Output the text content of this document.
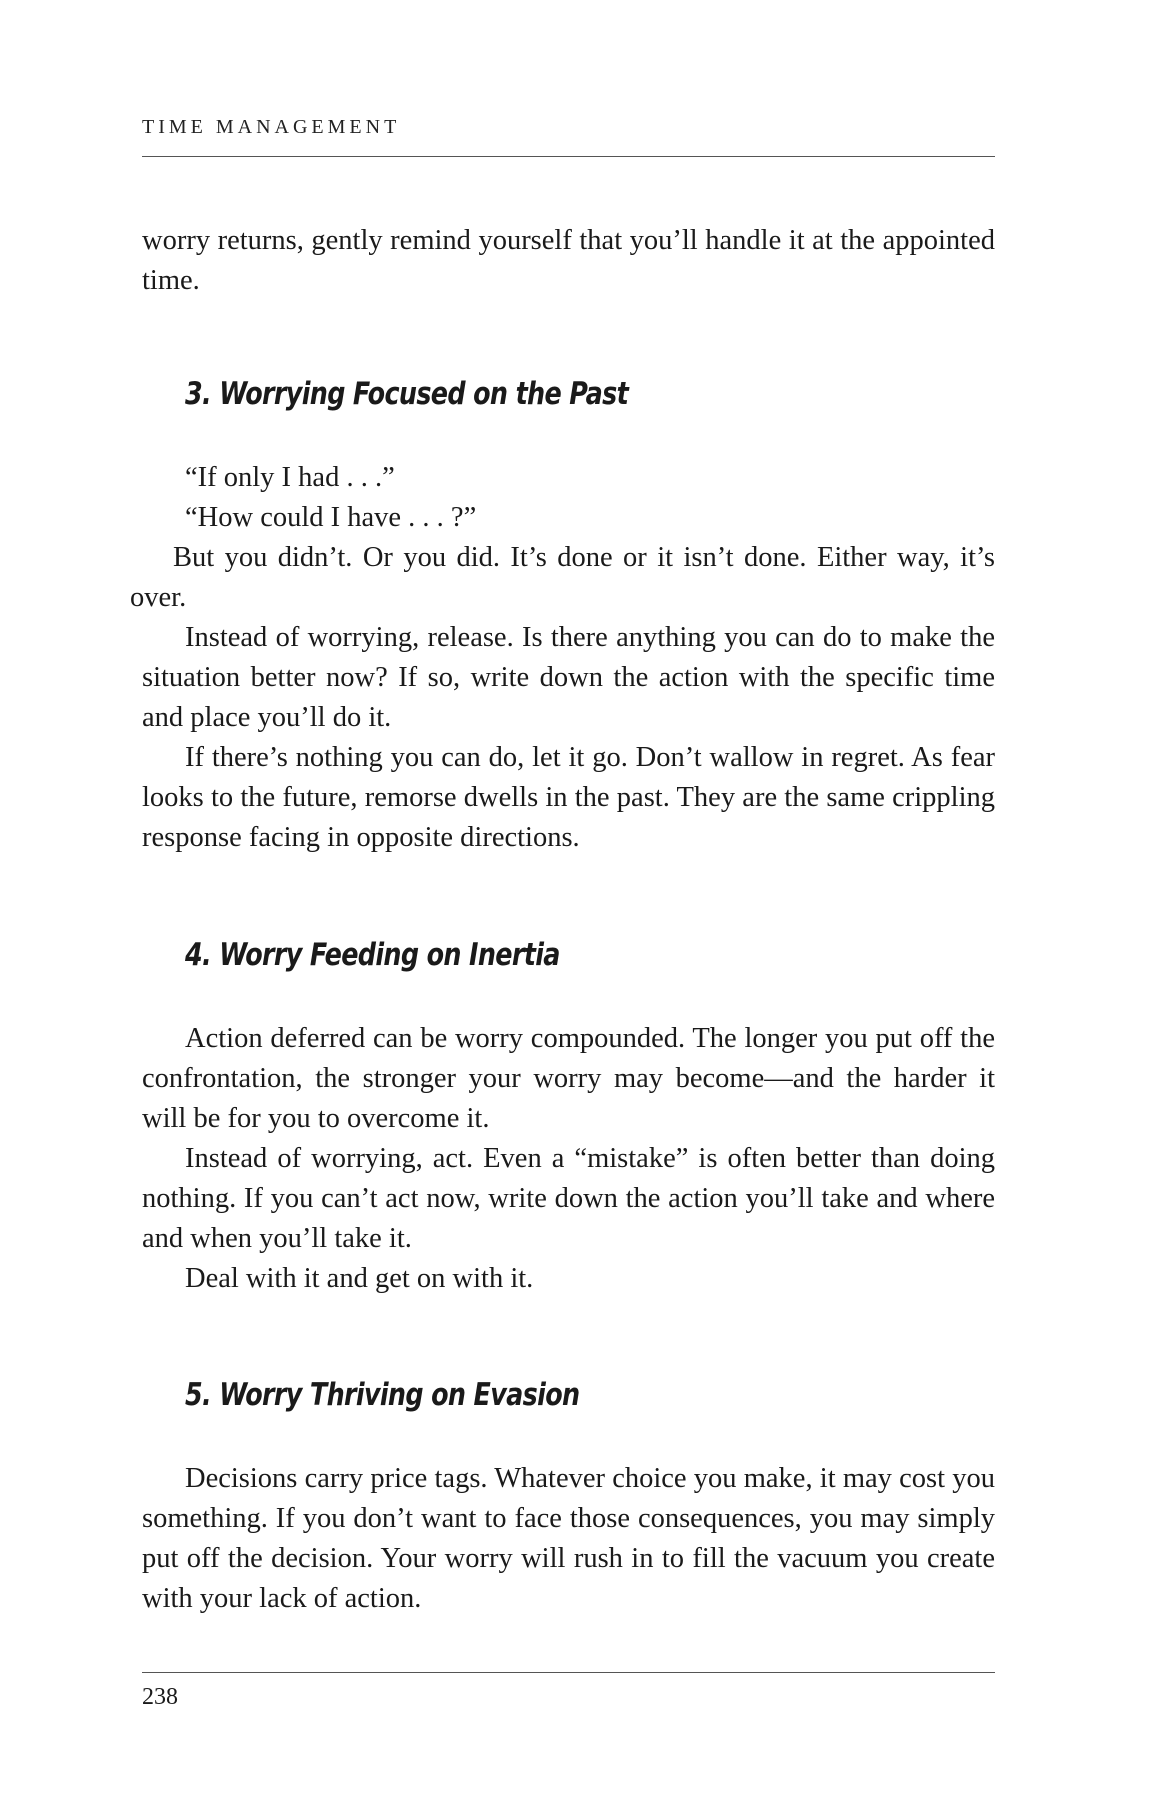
TIME MANAGEMENT

worry returns, gently remind yourself that you’ll handle it at the appointed time.

3. Worrying Focused on the Past

“If only I had . . .”

“How could I have . . . ?”

But you didn’t. Or you did. It’s done or it isn’t done. Either way, it’s over.

Instead of worrying, release. Is there anything you can do to make the situation better now? If so, write down the action with the specific time and place you’ll do it.

If there’s nothing you can do, let it go. Don’t wallow in regret. As fear looks to the future, remorse dwells in the past. They are the same crippling response facing in opposite directions.

4. Worry Feeding on Inertia

Action deferred can be worry compounded. The longer you put off the confrontation, the stronger your worry may become—and the harder it will be for you to overcome it.

Instead of worrying, act. Even a “mistake” is often better than doing nothing. If you can’t act now, write down the action you’ll take and where and when you’ll take it.

Deal with it and get on with it.

5. Worry Thriving on Evasion

Decisions carry price tags. Whatever choice you make, it may cost you something. If you don’t want to face those consequences, you may simply put off the decision. Your worry will rush in to fill the vacuum you create with your lack of action.

238
